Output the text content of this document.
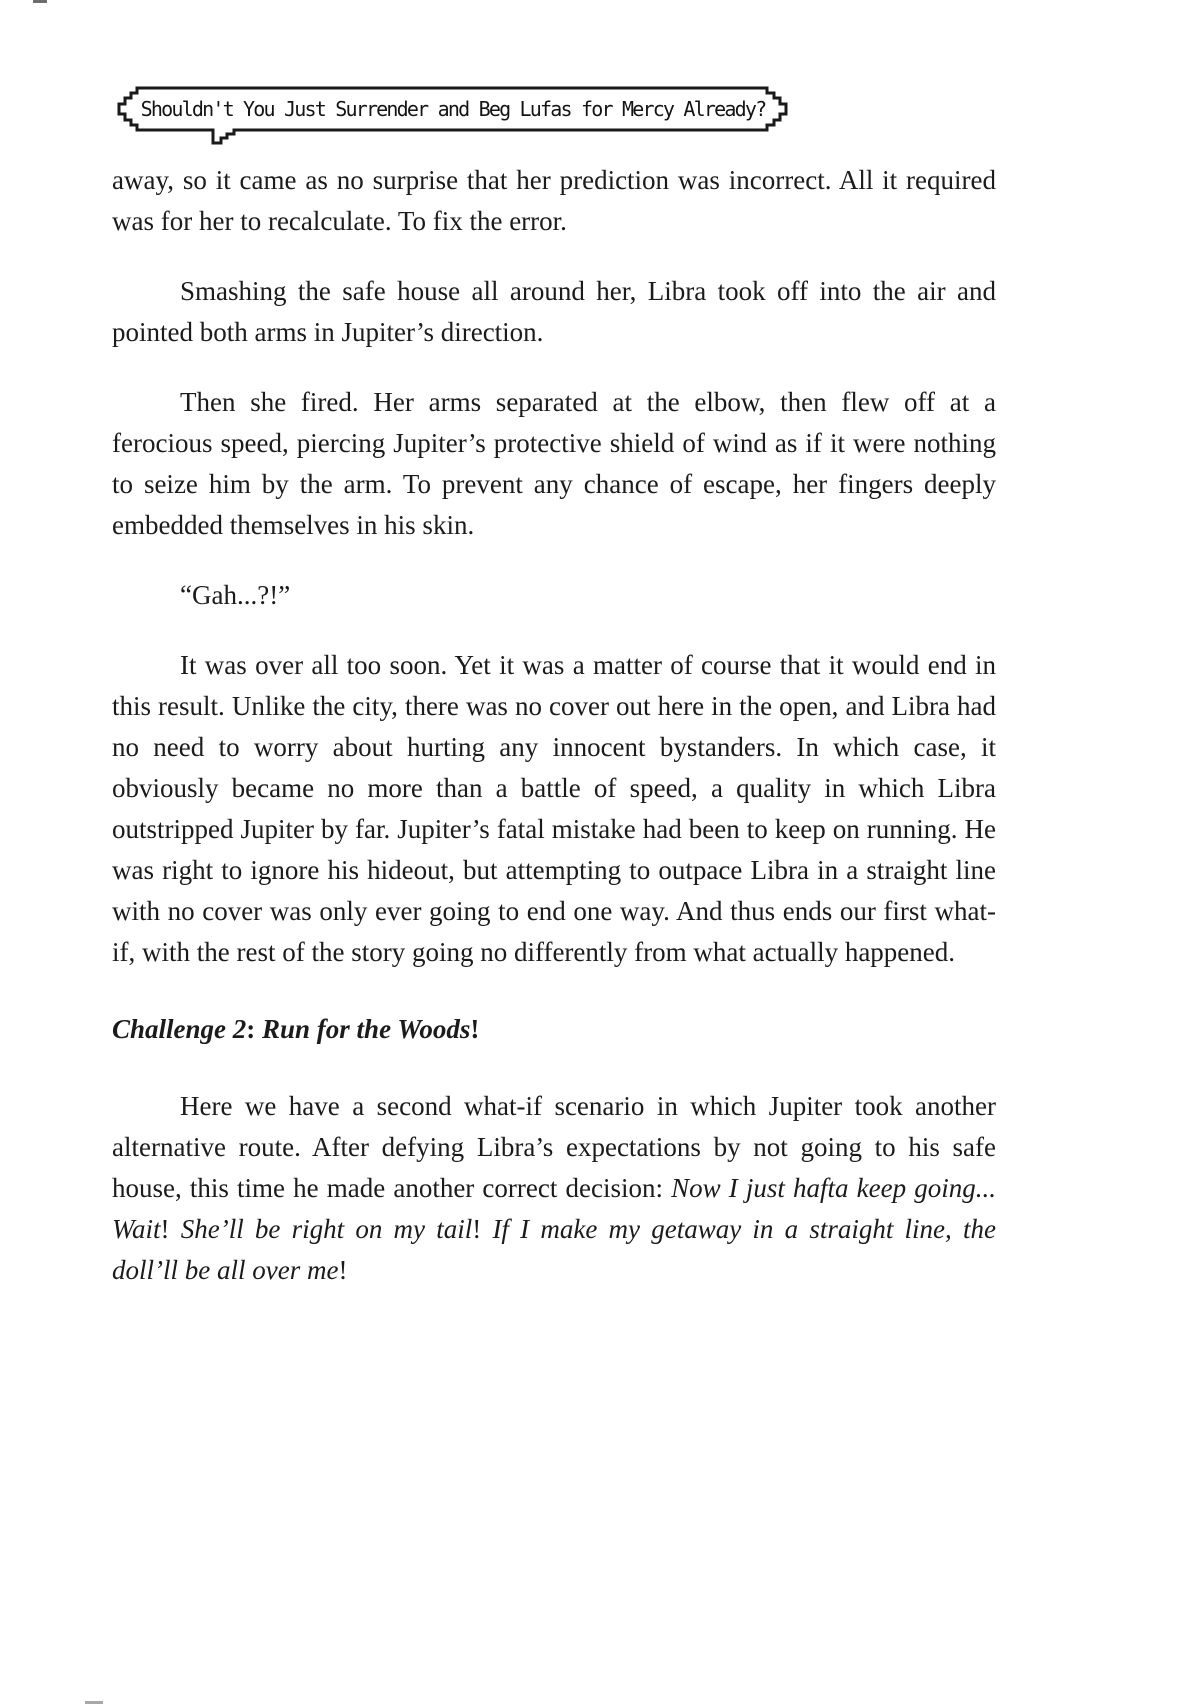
Shouldn't You Just Surrender and Beg Lufas for Mercy Already?

away, so it came as no surprise that her prediction was incorrect. All it required was for her to recalculate. To fix the error.

Smashing the safe house all around her, Libra took off into the air and pointed both arms in Jupiter’s direction.

Then she fired. Her arms separated at the elbow, then flew off at a ferocious speed, piercing Jupiter’s protective shield of wind as if it were nothing to seize him by the arm. To prevent any chance of escape, her fingers deeply embedded themselves in his skin.

“Gah...?!”

It was over all too soon. Yet it was a matter of course that it would end in this result. Unlike the city, there was no cover out here in the open, and Libra had no need to worry about hurting any innocent bystanders. In which case, it obviously became no more than a battle of speed, a quality in which Libra outstripped Jupiter by far. Jupiter’s fatal mistake had been to keep on running. He was right to ignore his hideout, but attempting to outpace Libra in a straight line with no cover was only ever going to end one way. And thus ends our first what-if, with the rest of the story going no differently from what actually happened.

Challenge 2: Run for the Woods!

Here we have a second what-if scenario in which Jupiter took another alternative route. After defying Libra’s expectations by not going to his safe house, this time he made another correct decision: Now I just hafta keep going... Wait! She’ll be right on my tail! If I make my getaway in a straight line, the doll’ll be all over me!
